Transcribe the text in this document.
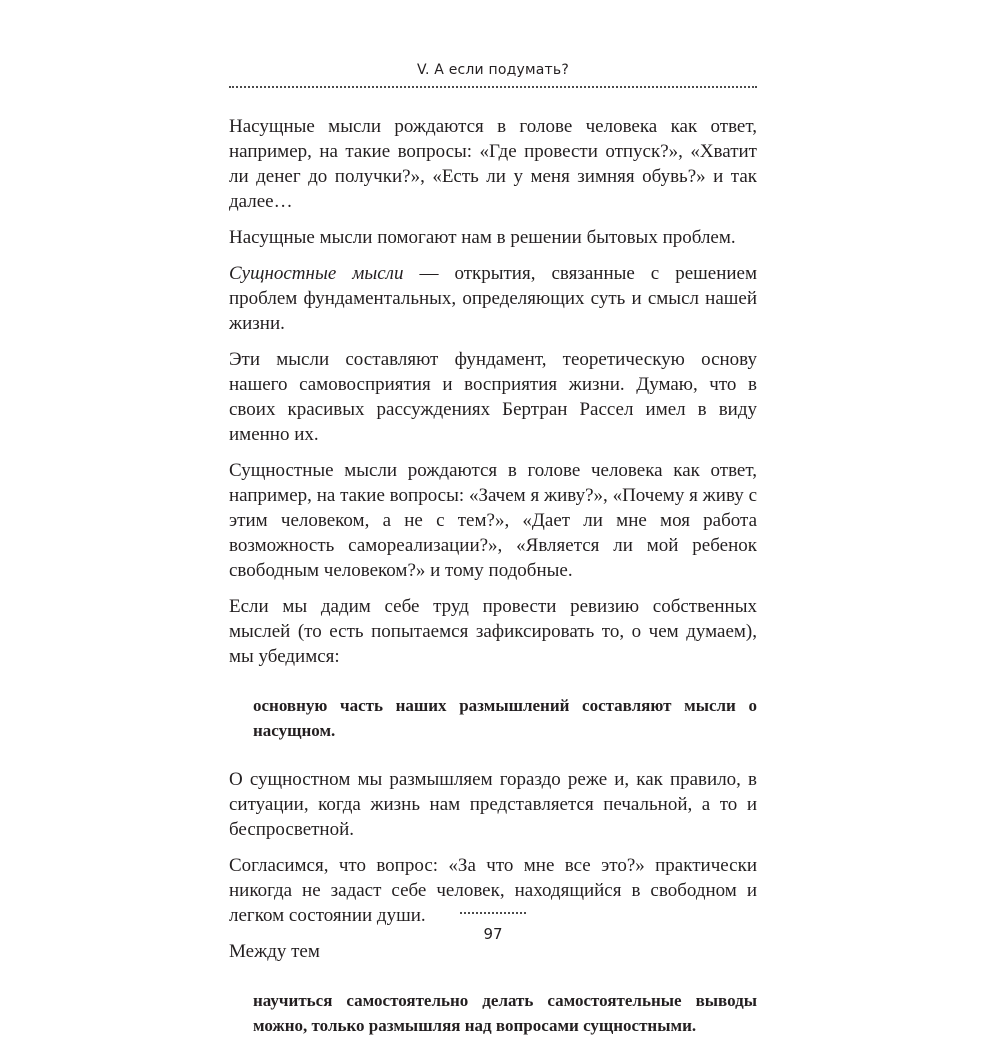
V. А если подумать?

Насущные мысли рождаются в голове человека как ответ, например, на такие вопросы: «Где провести отпуск?», «Хватит ли денег до получки?», «Есть ли у меня зимняя обувь?» и так далее…

Насущные мысли помогают нам в решении бытовых проблем.

Сущностные мысли — открытия, связанные с решением проблем фундаментальных, определяющих суть и смысл нашей жизни.

Эти мысли составляют фундамент, теоретическую основу нашего самовосприятия и восприятия жизни. Думаю, что в своих красивых рассуждениях Бертран Рассел имел в виду именно их.

Сущностные мысли рождаются в голове человека как ответ, например, на такие вопросы: «Зачем я живу?», «Почему я живу с этим человеком, а не с тем?», «Дает ли мне моя работа возможность самореализации?», «Является ли мой ребенок свободным человеком?» и тому подобные.

Если мы дадим себе труд провести ревизию собственных мыслей (то есть попытаемся зафиксировать то, о чем думаем), мы убедимся:

основную часть наших размышлений составляют мысли о насущном.

О сущностном мы размышляем гораздо реже и, как правило, в ситуации, когда жизнь нам представляется печальной, а то и беспросветной.

Согласимся, что вопрос: «За что мне все это?» практически никогда не задаст себе человек, находящийся в свободном и легком состоянии души.

Между тем

научиться самостоятельно делать самостоятельные выводы можно, только размышляя над вопросами сущностными.

97
